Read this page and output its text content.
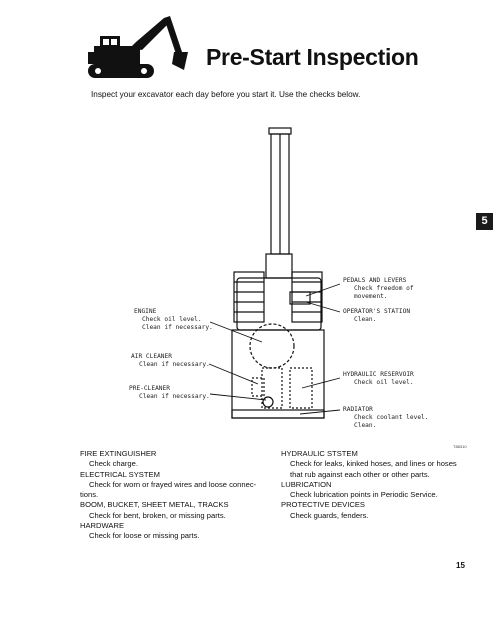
Pre-Start Inspection
Inspect your excavator each day before you start it. Use the checks below.
5
ENGINE
Check oil level.
Clean if necessary.
AIR CLEANER
Clean if necessary.
PRE-CLEANER
Clean if necessary.
PEDALS AND LEVERS
Check freedom of
movement.
OPERATOR'S STATION
Clean.
HYDRAULIC RESERVOIR
Check oil level.
RADIATOR
Check coolant level.
Clean.
T88310
FIRE EXTINGUISHER
Check charge.
ELECTRICAL SYSTEM
Check for worn or frayed wires and loose connec-
tions.
BOOM, BUCKET, SHEET METAL, TRACKS
Check for bent, broken, or missing parts.
HARDWARE
Check for loose or missing parts.
HYDRAULIC STSTEM
Check for leaks, kinked hoses, and lines or hoses
that rub against each other or other parts.
LUBRICATION
Check lubrication points in Periodic Service.
PROTECTIVE DEVICES
Check guards, fenders.
15
